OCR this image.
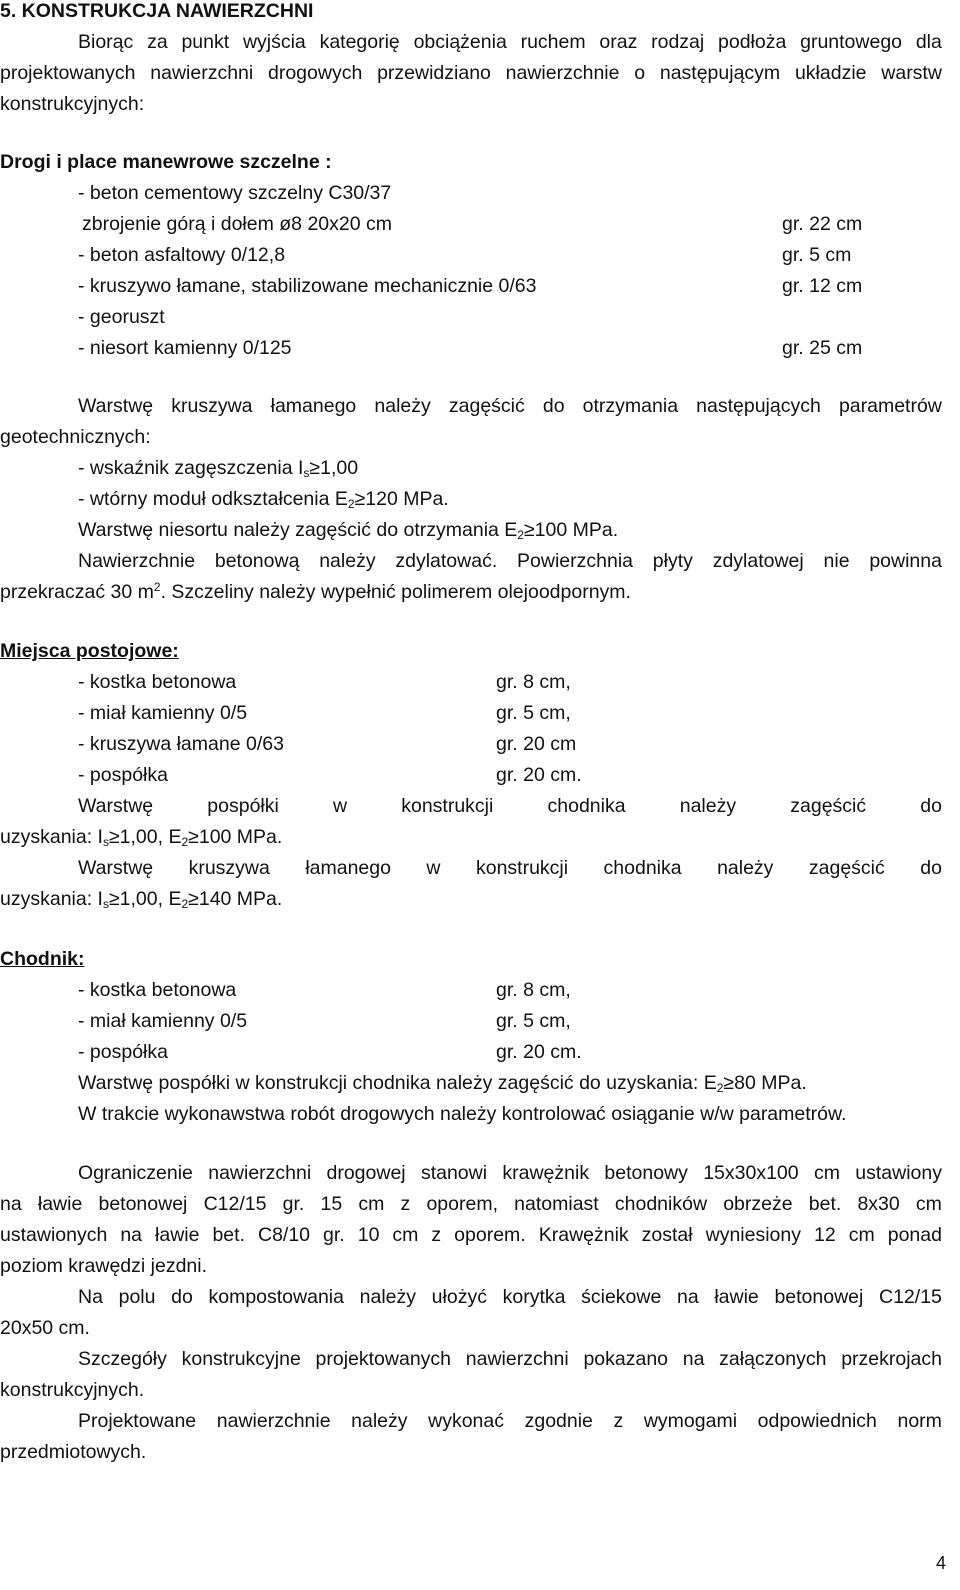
5. KONSTRUKCJA NAWIERZCHNI
Biorąc za punkt wyjścia kategorię obciążenia ruchem oraz rodzaj podłoża gruntowego dla
projektowanych nawierzchni drogowych przewidziano nawierzchnie o następującym układzie warstw
konstrukcyjnych:
Drogi i place manewrowe szczelne :
- beton cementowy szczelny C30/37
zbrojenie górą i dołem ø8 20x20 cm	gr. 22 cm
- beton asfaltowy 0/12,8	gr. 5 cm
- kruszywo łamane, stabilizowane mechanicznie 0/63	gr. 12 cm
- georuszt
- niesort kamienny 0/125	gr. 25 cm
Warstwę kruszywa łamanego należy zagęścić do otrzymania następujących parametrów
geotechnicznych:
- wskaźnik zagęszczenia Is≥1,00
- wtórny moduł odkształcenia E2≥120 MPa.
Warstwę niesortu należy zagęścić do otrzymania E2≥100 MPa.
Nawierzchnie betonową należy zdylatować. Powierzchnia płyty zdylatowej nie powinna
przekraczać 30 $m^2$. Szczeliny należy wypełnić polimerem olejoodpornym.
Miejsca postojowe:
- kostka betonowa	gr. 8 cm,
- miał kamienny 0/5	gr. 5 cm,
- kruszywa łamane 0/63	gr. 20 cm
- pospółka	gr. 20 cm.
Warstwę	pospółki	w	konstrukcji	chodnika	należy	zagęścić	do
uzyskania: Is≥1,00, E2≥100 MPa.
Warstwę kruszywa łamanego w konstrukcji chodnika należy zagęścić do
uzyskania: Is≥1,00, E2≥140 MPa.
Chodnik:
- kostka betonowa	gr. 8 cm,
- miał kamienny 0/5	gr. 5 cm,
- pospółka	gr. 20 cm.
Warstwę pospółki w konstrukcji chodnika należy zagęścić do uzyskania: E2≥80 MPa.
W trakcie wykonawstwa robót drogowych należy kontrolować osiąganie w/w parametrów.
Ograniczenie nawierzchni drogowej stanowi krawężnik betonowy 15x30x100 cm ustawiony
na ławie betonowej C12/15 gr. 15 cm z oporem, natomiast chodników obrzeże bet. 8x30 cm
ustawionych na ławie bet. C8/10 gr. 10 cm z oporem. Krawężnik został wyniesiony 12 cm ponad
poziom krawędzi jezdni.
Na polu do kompostowania należy ułożyć korytka ściekowe na ławie betonowej C12/15
20x50 cm.
Szczegóły konstrukcyjne projektowanych nawierzchni pokazano na załączonych przekrojach
konstrukcyjnych.
Projektowane nawierzchnie należy wykonać zgodnie z wymogami odpowiednich norm
przedmiotowych.
4
